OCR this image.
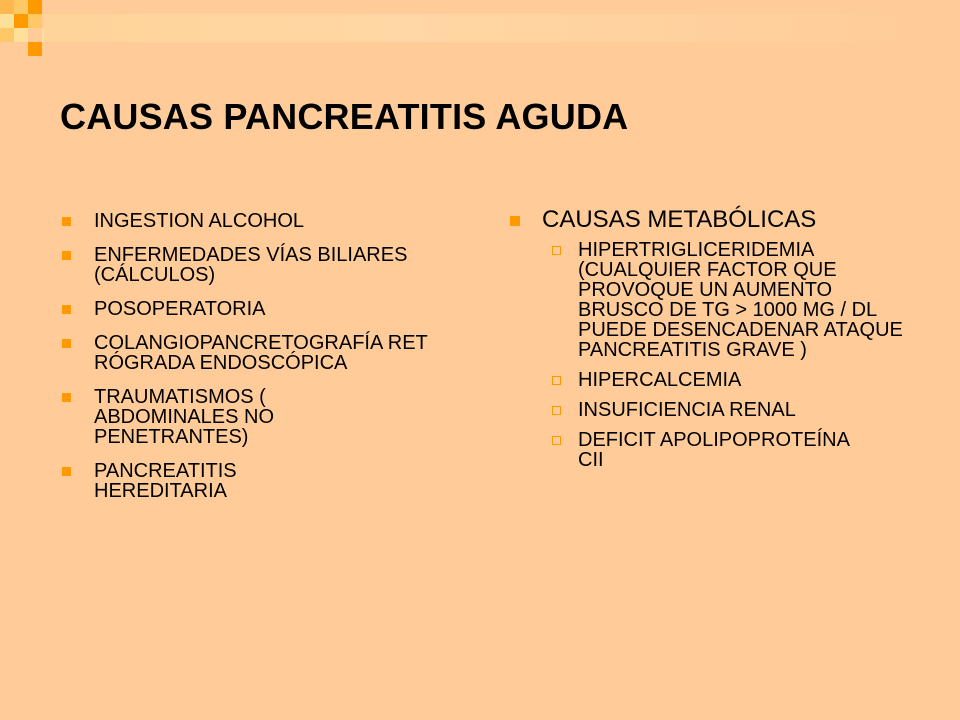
CAUSAS PANCREATITIS AGUDA
INGESTION ALCOHOL
ENFERMEDADES VÍAS BILIARES (CÁLCULOS)
POSOPERATORIA
COLANGIOPANCRETOGRAFÍA RETRÓGRADA ENDOSCÓPICA
TRAUMATISMOS ( ABDOMINALES NO PENETRANTES)
PANCREATITIS HEREDITARIA
CAUSAS METABÓLICAS
HIPERTRIGLICERIDEMIA (CUALQUIER FACTOR QUE PROVOQUE UN AUMENTO BRUSCO DE TG > 1000 MG / DL PUEDE DESENCADENAR ATAQUE PANCREATITIS GRAVE )
HIPERCALCEMIA
INSUFICIENCIA RENAL
DEFICIT APOLIPOPROTEÍNA CII
